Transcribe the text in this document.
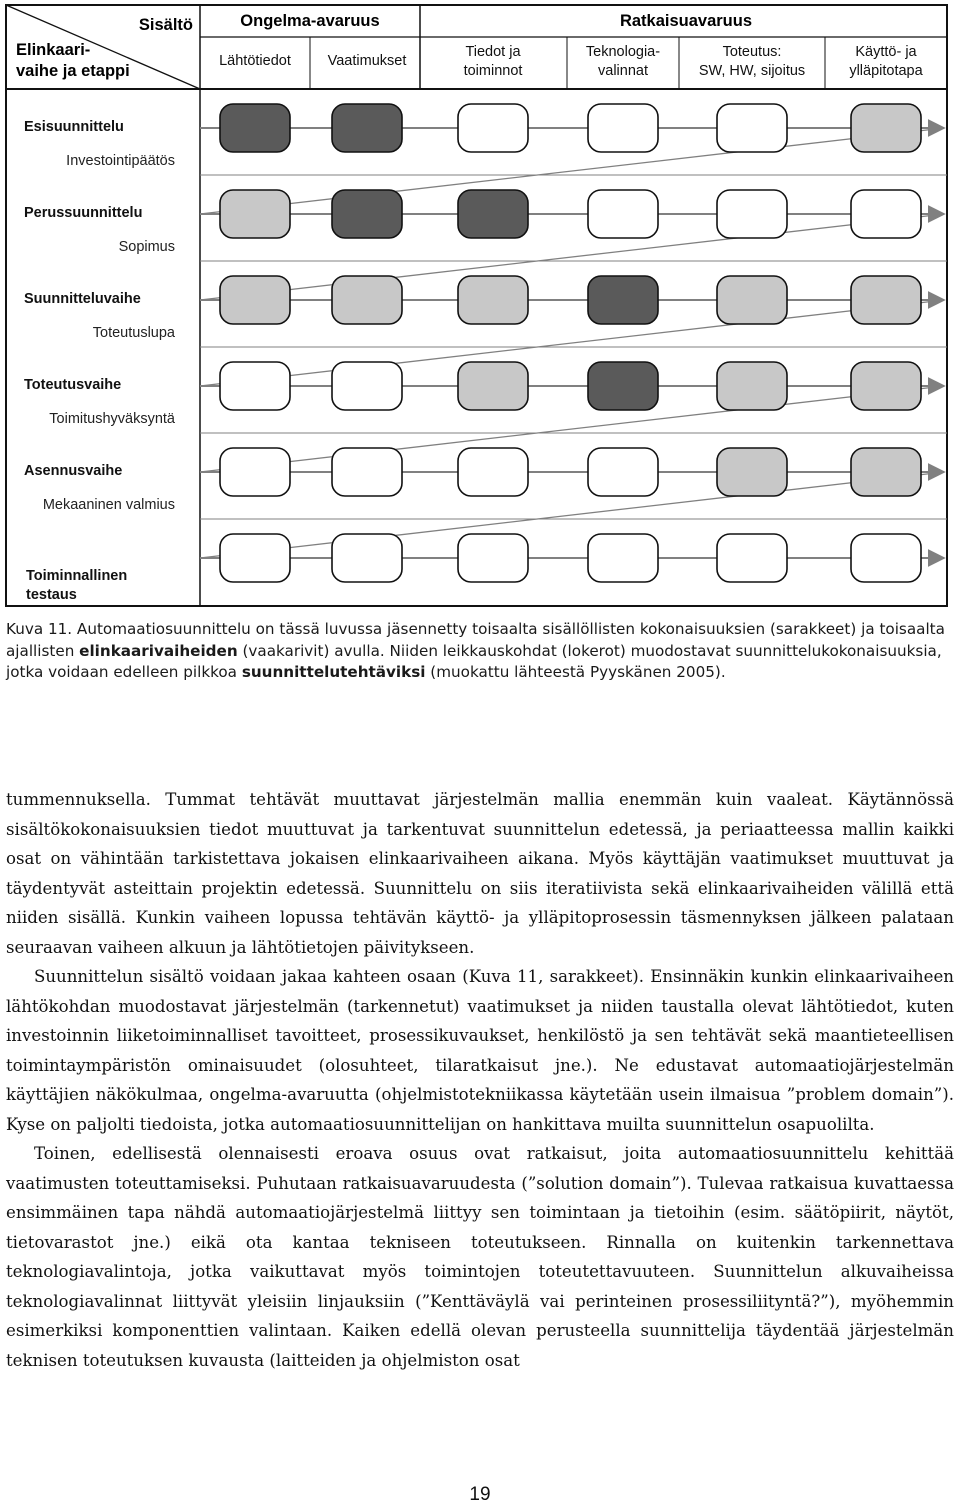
Sisältö
Elinkaari- vaihe ja etappi
Ongelma-avaruus	Ratkaisuavaruus
Lähtötiedot	Vaatimukset
Tiedot ja toiminnot
Teknologia-valinnat
Toteutus: SW, HW, sijoitus
Käyttö- ja ylläpitotapa
Esisuunnittelu
Investointipäätös
Perussuunnittelu
Sopimus
Suunnitteluvaihe
Toteutuslupa
Toteutusvaihe
Toimitushyväksyntä
Asennusvaihe
Mekaaninen valmius
Toiminnallinen testaus

Kuva 11. Automaatiosuunnittelu on tässä luvussa jäsennetty toisaalta sisällöllisten kokonaisuuksien (sarakkeet) ja toisaalta ajallisten elinkaarivaiheiden (vaakarivit) avulla. Niiden leikkauskohdat (lokerot) muodostavat suunnittelukokonaisuuksia, jotka voidaan edelleen pilkkoa suunnittelutehtäviksi (muokattu lähteestä Pyyskänen 2005).

tummennuksella. Tummat tehtävät muuttavat järjestelmän mallia enemmän kuin vaaleat. Käytännössä sisältökokonaisuuksien tiedot muuttuvat ja tarkentuvat suunnittelun edetessä, ja periaatteessa mallin kaikki osat on vähintään tarkistettava jokaisen elinkaarivaiheen aikana. Myös käyttäjän vaatimukset muuttuvat ja täydentyvät asteittain projektin edetessä. Suunnittelu on siis iteratiivista sekä elinkaarivaiheiden välillä että niiden sisällä. Kunkin vaiheen lopussa tehtävän käyttö- ja ylläpitoprosessin täsmennyksen jälkeen palataan seuraavan vaiheen alkuun ja lähtötietojen päivitykseen.

Suunnittelun sisältö voidaan jakaa kahteen osaan (Kuva 11, sarakkeet). Ensinnäkin kunkin elinkaarivaiheen lähtökohdan muodostavat järjestelmän (tarkennetut) vaatimukset ja niiden taustalla olevat lähtötiedot, kuten investoinnin liiketoiminnalliset tavoitteet, prosessikuvaukset, henkilöstö ja sen tehtävät sekä maantieteellisen toimintaympäristön ominaisuudet (olosuhteet, tilaratkaisut jne.). Ne edustavat automaatiojärjestelmän käyttäjien näkökulmaa, ongelma-avaruutta (ohjelmistotekniikassa käytetään usein ilmaisua ”problem domain”). Kyse on paljolti tiedoista, jotka automaatiosuunnittelijan on hankittava muilta suunnittelun osapuolilta.

Toinen, edellisestä olennaisesti eroava osuus ovat ratkaisut, joita automaatiosuunnittelu kehittää vaatimusten toteuttamiseksi. Puhutaan ratkaisuavaruudesta (”solution domain”). Tulevaa ratkaisua kuvattaessa ensimmäinen tapa nähdä automaatiojärjestelmä liittyy sen toimintaan ja tietoihin (esim. säätöpiirit, näytöt, tietovarastot jne.) eikä ota kantaa tekniseen toteutukseen. Rinnalla on kuitenkin tarkennettava teknologiavalintoja, jotka vaikuttavat myös toimintojen toteutettavuuteen. Suunnittelun alkuvaiheissa teknologiavalinnat liittyvät yleisiin linjauksiin (”Kenttäväylä vai perinteinen prosessiliityntä?”), myöhemmin esimerkiksi komponenttien valintaan. Kaiken edellä olevan perusteella suunnittelija täydentää järjestelmän teknisen toteutuksen kuvausta (laitteiden ja ohjelmiston osat

19
